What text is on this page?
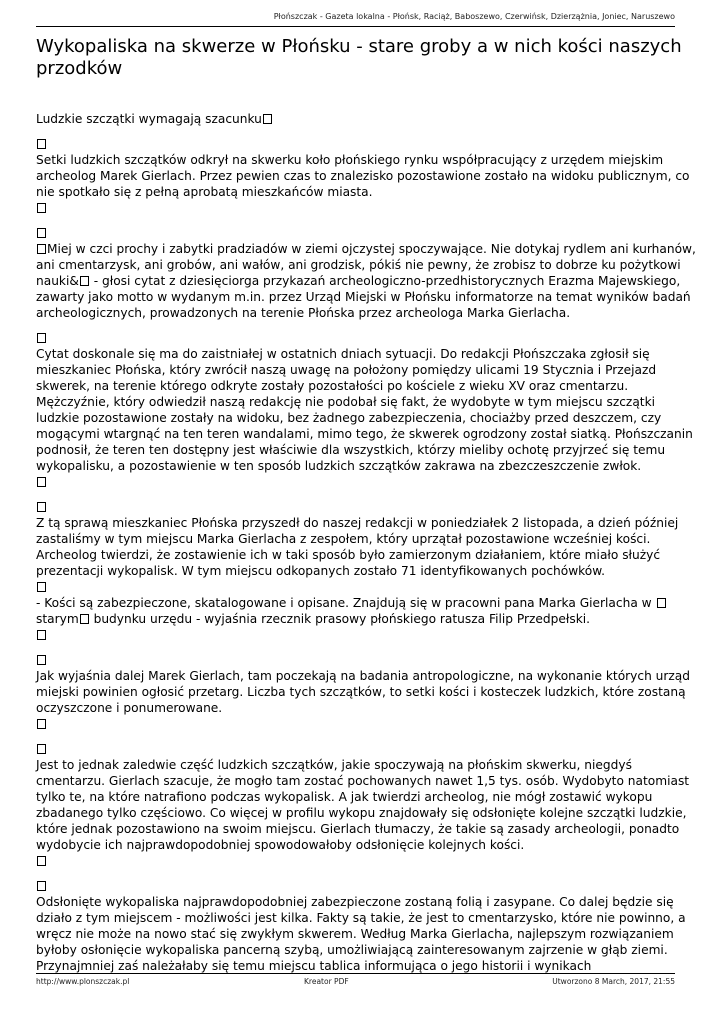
Płońszczak - Gazeta lokalna - Płońsk, Raciąż, Baboszewo, Czerwińsk, Dzierzążnia, Joniec, Naruszewo
Wykopaliska na skwerze w Płońsku - stare groby a w nich kości naszych przodków
Ludzkie szczątki wymagają szacunku

Setki ludzkich szczątków odkrył na skwerku koło płońskiego rynku współpracujący z urzędem miejskim archeolog Marek Gierlach. Przez pewien czas to znalezisko pozostawione zostało na widoku publicznym, co nie spotkało się z pełną aprobatą mieszkańców miasta.

Miej w czci prochy i zabytki pradziadów w ziemi ojczystej spoczywające. Nie dotykaj rydlem ani kurhanów, ani cmentarzysk, ani grobów, ani wałów, ani grodzisk, pókiś nie pewny, że zrobisz to dobrze ku pożytkowi nauki& - głosi cytat z dziesięciorga przykazań archeologiczno-przedhistorycznych Erazma Majewskiego, zawarty jako motto w wydanym m.in. przez Urząd Miejski w Płońsku informatorze na temat wyników badań archeologicznych, prowadzonych na terenie Płońska przez archeologa Marka Gierlacha.

Cytat doskonale się ma do zaistniałej w ostatnich dniach sytuacji. Do redakcji Płońszczaka zgłosił się mieszkaniec Płońska, który zwrócił naszą uwagę na położony pomiędzy ulicami 19 Stycznia i Przejazd skwerek, na terenie którego odkryte zostały pozostałości po kościele z wieku XV oraz cmentarzu. Mężczyźnie, który odwiedził naszą redakcję nie podobał się fakt, że wydobyte w tym miejscu szczątki ludzkie pozostawione zostały na widoku, bez żadnego zabezpieczenia, chociażby przed deszczem, czy mogącymi wtargnąć na ten teren wandalami, mimo tego, że skwerek ogrodzony został siatką. Płońszczanin podnosił, że teren ten dostępny jest właściwie dla wszystkich, którzy mieliby ochotę przyjrzeć się temu wykopalisku, a pozostawienie w ten sposób ludzkich szczątków zakrawa na zbezczeszczenie zwłok.

Z tą sprawą mieszkaniec Płońska przyszedł do naszej redakcji w poniedziałek 2 listopada, a dzień później zastaliśmy w tym miejscu Marka Gierlacha z zespołem, który uprzątał pozostawione wcześniej kości. Archeolog twierdzi, że zostawienie ich w taki sposób było zamierzonym działaniem, które miało służyć prezentacji wykopalisk. W tym miejscu odkopanych zostało 71 identyfikowanych pochówków.

- Kości są zabezpieczone, skatalogowane i opisane. Znajdują się w pracowni pana Marka Gierlacha w starym budynku urzędu - wyjaśnia rzecznik prasowy płońskiego ratusza Filip Przedpełski.

Jak wyjaśnia dalej Marek Gierlach, tam poczekają na badania antropologiczne, na wykonanie których urząd miejski powinien ogłosić przetarg. Liczba tych szczątków, to setki kości i kosteczek ludzkich, które zostaną oczyszczone i ponumerowane.

Jest to jednak zaledwie część ludzkich szczątków, jakie spoczywają na płońskim skwerku, niegdyś cmentarzu. Gierlach szacuje, że mogło tam zostać pochowanych nawet 1,5 tys. osób. Wydobyto natomiast tylko te, na które natrafiono podczas wykopalisk. A jak twierdzi archeolog, nie mógł zostawić wykopu zbadanego tylko częściowo. Co więcej w profilu wykopu znajdowały się odsłonięte kolejne szczątki ludzkie, które jednak pozostawiono na swoim miejscu. Gierlach tłumaczy, że takie są zasady archeologii, ponadto wydobycie ich najprawdopodobniej spowodowałoby odsłonięcie kolejnych kości.

Odsłonięte wykopaliska najprawdopodobniej zabezpieczone zostaną folią i zasypane. Co dalej będzie się działo z tym miejscem - możliwości jest kilka. Fakty są takie, że jest to cmentarzysko, które nie powinno, a wręcz nie może na nowo stać się zwykłym skwerem. Według Marka Gierlacha, najlepszym rozwiązaniem byłoby osłonięcie wykopaliska pancerną szybą, umożliwiającą zainteresowanym zajrzenie w głąb ziemi. Przynajmniej zaś należałaby się temu miejscu tablica informująca o jego historii i wynikach

http://www.plonszczak.pl	Kreator PDF	Utworzono 8 March, 2017, 21:55
